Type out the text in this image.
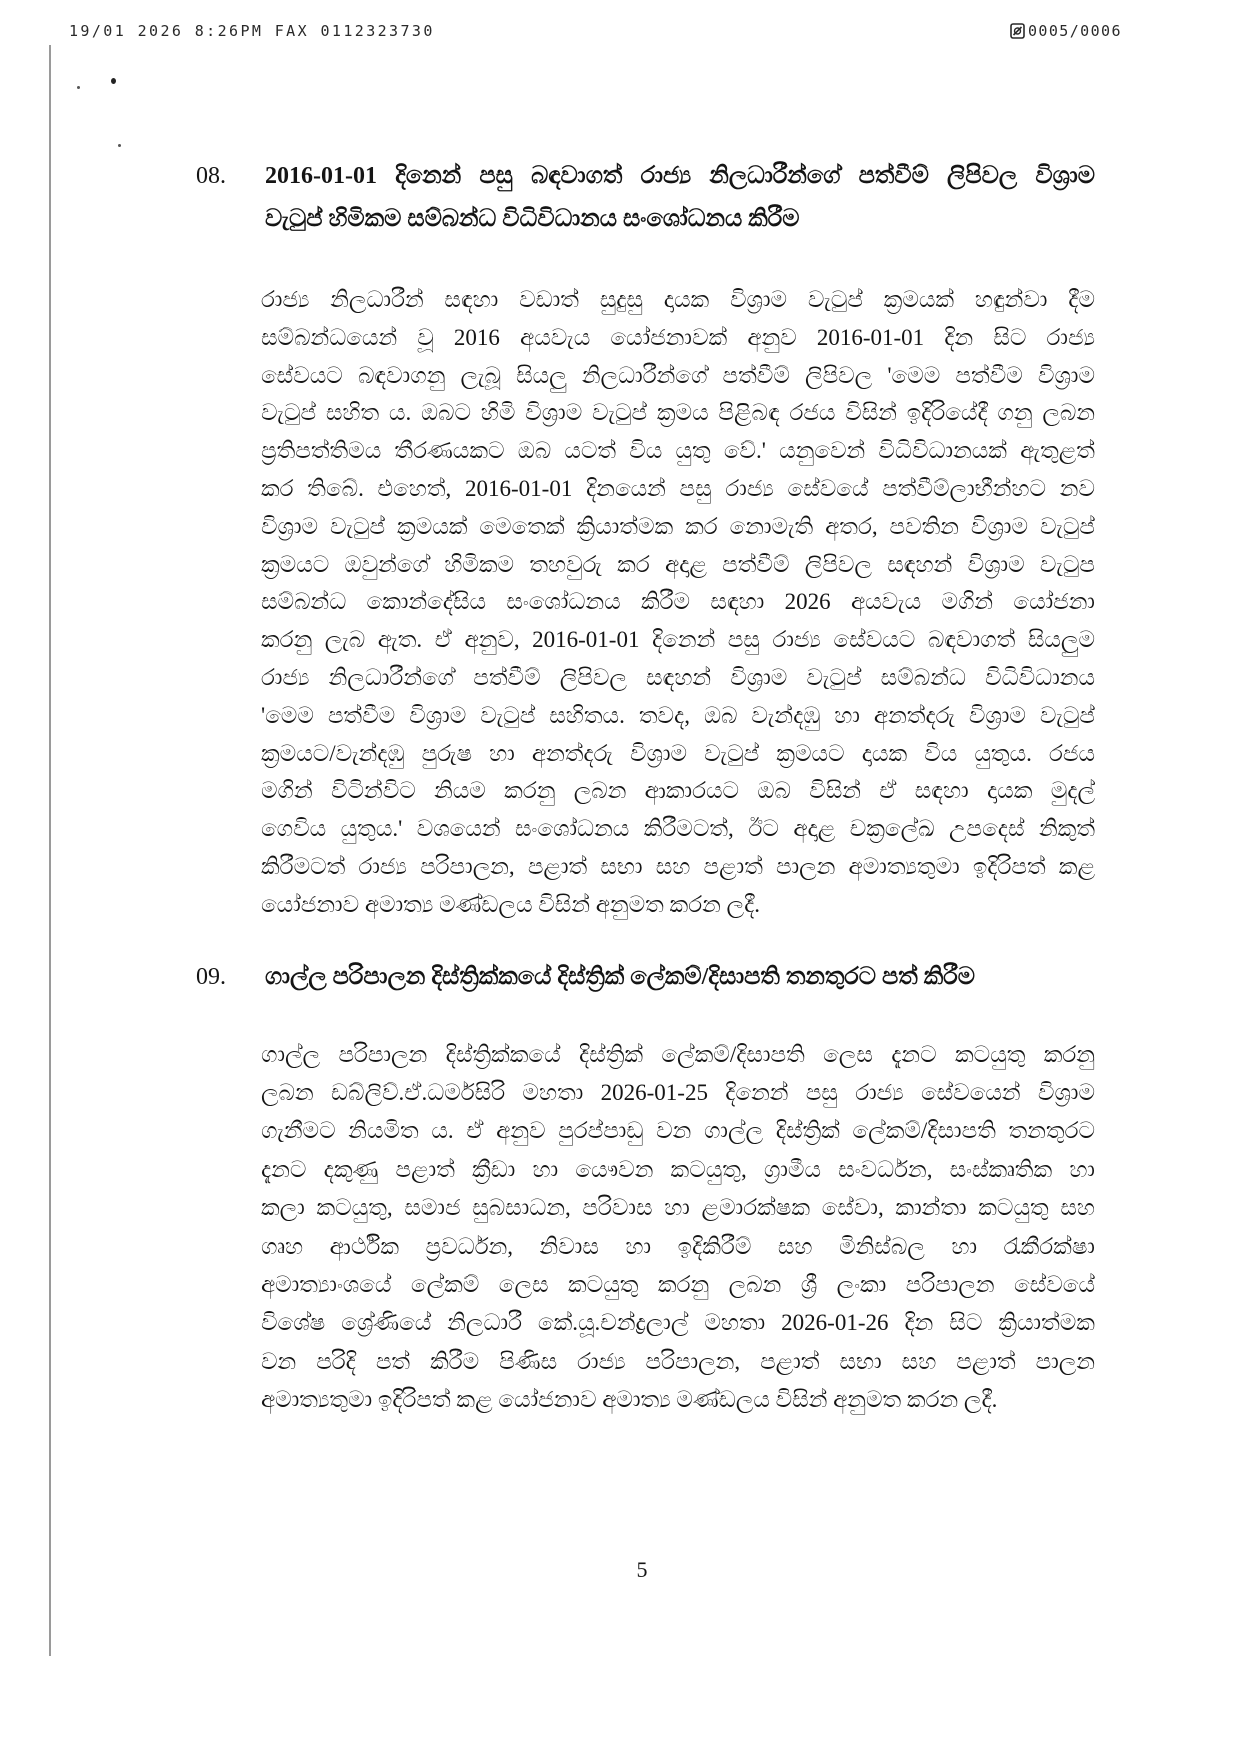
19/01 2026 8:26PM FAX 0112323730	0005/0006
08. 2016-01-01 දිනෙන් පසු බඳවාගත් රාජ්‍ය නිලධාරීන්ගේ පත්වීම් ලිපිවල විශ්‍රාම
වැටුප් හිමිකම සම්බන්ධ විධිවිධානය සංශෝධනය කිරීම
රාජ්‍ය නිලධාරීන් සඳහා වඩාත් සුදුසු දායක විශ්‍රාම වැටුප් ක්‍රමයක් හඳුන්වා දීම
සම්බන්ධයෙන් වූ 2016 අයවැය යෝජනාවක් අනුව 2016-01-01 දින සිට රාජ්‍ය
සේවයට බඳවාගනු ලැබූ සියලු නිලධාරීන්ගේ පත්වීම් ලිපිවල 'මෙම පත්වීම විශ්‍රාම
වැටුප් සහිත ය. ඔබට හිමි විශ්‍රාම වැටුප් ක්‍රමය පිළිබඳ රජය විසින් ඉදිරියේදී ගනු ලබන
ප්‍රතිපත්තිමය තීරණයකට ඔබ යටත් විය යුතු වේ.' යනුවෙන් විධිවිධානයක් ඇතුළත්
කර තිබේ. එහෙත්, 2016-01-01 දිනයෙන් පසු රාජ්‍ය සේවයේ පත්වීම්ලාභීන්හට නව
විශ්‍රාම වැටුප් ක්‍රමයක් මෙතෙක් ක්‍රියාත්මක කර නොමැති අතර, පවතින විශ්‍රාම වැටුප්
ක්‍රමයට ඔවුන්ගේ හිමිකම තහවුරු කර අදාළ පත්වීම් ලිපිවල සඳහන් විශ්‍රාම වැටුප
සම්බන්ධ කොන්දේසිය සංශෝධනය කිරීම සඳහා 2026 අයවැය මගින් යෝජනා
කරනු ලැබ ඇත. ඒ අනුව, 2016-01-01 දිනෙන් පසු රාජ්‍ය සේවයට බඳවාගත් සියලුම
රාජ්‍ය නිලධාරීන්ගේ පත්වීම් ලිපිවල සඳහන් විශ්‍රාම වැටුප් සම්බන්ධ විධිවිධානය
'මෙම පත්වීම විශ්‍රාම වැටුප් සහිතය. තවද, ඔබ වැන්දඹු හා අනත්දරු විශ්‍රාම වැටුප්
ක්‍රමයට/වැන්දඹු පුරුෂ හා අනත්දරු විශ්‍රාම වැටුප් ක්‍රමයට දායක විය යුතුය. රජය
මගින් විටින්විට නියම කරනු ලබන ආකාරයට ඔබ විසින් ඒ සඳහා දායක මුදල්
ගෙවිය යුතුය.' වශයෙන් සංශෝධනය කිරීමටත්, ඊට අදාළ චක්‍රලේඛ උපදෙස් නිකුත්
කිරීමටත් රාජ්‍ය පරිපාලන, පළාත් සභා සහ පළාත් පාලන අමාත්‍යතුමා ඉදිරිපත් කළ
යෝජනාව අමාත්‍ය මණ්ඩලය විසින් අනුමත කරන ලදී.
09. ගාල්ල පරිපාලන දිස්ත්‍රික්කයේ දිස්ත්‍රික් ලේකම්/දිසාපති තනතුරට පත් කිරීම
ගාල්ල පරිපාලන දිස්ත්‍රික්කයේ දිස්ත්‍රික් ලේකම්/දිසාපති ලෙස දැනට කටයුතු කරනු
ලබන ඩබ්ලිව්.ඒ.ධර්මසිරි මහතා 2026-01-25 දිනෙන් පසු රාජ්‍ය සේවයෙන් විශ්‍රාම
ගැනීමට නියමිත ය. ඒ අනුව පුරප්පාඩු වන ගාල්ල දිස්ත්‍රික් ලේකම්/දිසාපති තනතුරට
දැනට දකුණු පළාත් ක්‍රීඩා හා යෞවන කටයුතු, ග්‍රාමීය සංවර්ධන, සංස්කෘතික හා
කලා කටයුතු, සමාජ සුබසාධන, පරිවාස හා ළමාරක්ෂක සේවා, කාන්තා කටයුතු සහ
ගෘහ ආර්ථික ප්‍රවර්ධන, නිවාස හා ඉදිකිරීම් සහ මිනිස්බල හා රැකීරක්ෂා
අමාත්‍යාංශයේ ලේකම් ලෙස කටයුතු කරනු ලබන ශ්‍රී ලංකා පරිපාලන සේවයේ
විශේෂ ශ්‍රේණියේ නිලධාරී කේ.යූ.චන්ද්‍රලාල් මහතා 2026-01-26 දින සිට ක්‍රියාත්මක
වන පරිදි පත් කිරීම පිණිස රාජ්‍ය පරිපාලන, පළාත් සභා සහ පළාත් පාලන
අමාත්‍යතුමා ඉදිරිපත් කළ යෝජනාව අමාත්‍ය මණ්ඩලය විසින් අනුමත කරන ලදී.
5
